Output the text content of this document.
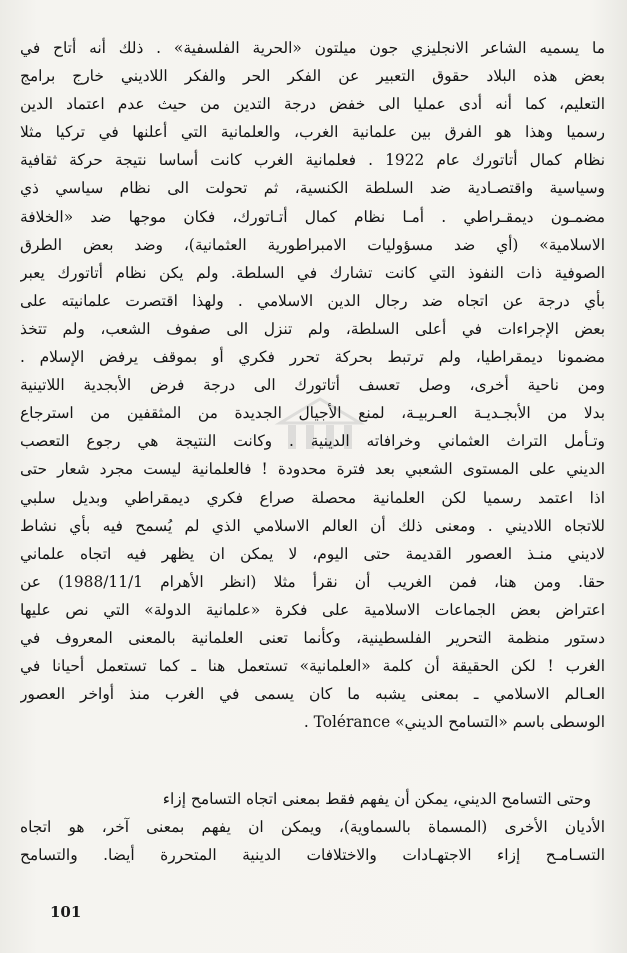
ما يسميه الشاعر الانجليزي جون ميلتون «الحرية الفلسفية» . ذلك أنه أتاح في
بعض هذه البلاد حقوق التعبير عن الفكر الحر والفكر اللاديني خارج برامج
التعليم، كما أنه أدى عمليا الى خفض درجة التدين من حيث عدم اعتماد الدين
رسميا وهذا هو الفرق بين علمانية الغرب، والعلمانية التي أعلنها في تركيا مثلا
نظام كمال أتاتورك عام 1922 . فعلمانية الغرب كانت أساسا نتيجة حركة ثقافية
وسياسية واقتصـادية ضد السلطة الكنسية، ثم تحولت الى نظام سياسي ذي
مضمـون ديمقـراطي . أمـا نظام كمال أتـاتورك، فكان موجها ضد «الخلافة
الاسلامية» (أي ضد مسؤوليات الامبراطورية العثمانية)، وضد بعض الطرق
الصوفية ذات النفوذ التي كانت تشارك في السلطة. ولم يكن نظام أتاتورك يعبر
بأي درجة عن اتجاه ضد رجال الدين الاسلامي . ولهذا اقتصرت علمانيته على
بعض الإجراءات في أعلى السلطة، ولم تنزل الى صفوف الشعب، ولم تتخذ
مضمونا ديمقراطيا، ولم ترتبط بحركة تحرر فكري أو بموقف يرفض الإسلام .
ومن ناحية أخرى، وصل تعسف أتاتورك الى درجة فرض الأبجدية اللاتينية
بدلا من الأبجـديـة العـربيـة، لمنع الأجيال الجديدة من المثقفين من استرجاع
وتـأمل التراث العثماني وخرافاته الدينية . وكانت النتيجة هي رجوع التعصب
الديني على المستوى الشعبي بعد فترة محدودة ! فالعلمانية ليست مجرد شعار حتى
اذا اعتمد رسميا لكن العلمانية محصلة صراع فكري ديمقراطي وبديل سلبي
للاتجاه اللاديني . ومعنى ذلك أن العالم الاسلامي الذي لم يُسمح فيه بأي نشاط
لاديني منـذ العصور القديمة حتى اليوم، لا يمكن ان يظهر فيه اتجاه علماني
حقا. ومن هنا، فمن الغريب أن نقرأ مثلا (انظر الأهرام 1988/11/1) عن
اعتراض بعض الجماعات الاسلامية على فكرة «علمانية الدولة» التي نص عليها
دستور منظمة التحرير الفلسطينية، وكأنما تعنى العلمانية بالمعنى المعروف في
الغرب ! لكن الحقيقة أن كلمة «العلمانية» تستعمل هنا ـ كما تستعمل أحيانا في
العـالم الاسلامي ـ بمعنى يشبه ما كان يسمى في الغرب منذ أواخر العصور
الوسطى باسم «التسامح الديني» Tolérance .
وحتى التسامح الديني، يمكن أن يفهم فقط بمعنى اتجاه التسامح إزاء
الأديان الأخرى (المسماة بالسماوية)، ويمكن ان يفهم بمعنى آخر، هو اتجاه
التسـامـح إزاء الاجتهـادات والاختلافات الدينية المتحررة أيضا. والتسامح
101
